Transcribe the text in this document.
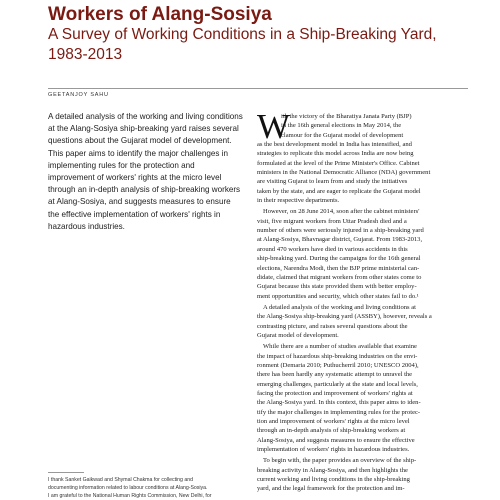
Workers of Alang-Sosiya
A Survey of Working Conditions in a Ship-Breaking Yard, 1983-2013
GEETANJOY SAHU
A detailed analysis of the working and living conditions
at the Alang-Sosiya ship-breaking yard raises several
questions about the Gujarat model of development.
This paper aims to identify the major challenges in
implementing rules for the protection and
improvement of workers' rights at the micro level
through an in-depth analysis of ship-breaking workers
at Alang-Sosiya, and suggests measures to ensure
the effective implementation of workers' rights in
hazardous industries.
W
ith the victory of the Bharatiya Janata Party (BJP)
in the 16th general elections in May 2014, the
clamour for the Gujarat model of development
as the best development model in India has intensified, and
strategies to replicate this model across India are now being
formulated at the level of the Prime Minister's Office. Cabinet
ministers in the National Democratic Alliance (NDA) government
are visiting Gujarat to learn from and study the initiatives
taken by the state, and are eager to replicate the Gujarat model
in their respective departments.
However, on 28 June 2014, soon after the cabinet ministers'
visit, five migrant workers from Uttar Pradesh died and a
number of others were seriously injured in a ship-breaking yard
at Alang-Sosiya, Bhavnagar district, Gujarat. From 1983-2013,
around 470 workers have died in various accidents in this
ship-breaking yard. During the campaigns for the 16th general
elections, Narendra Modi, then the BJP prime ministerial can-
didate, claimed that migrant workers from other states come to
Gujarat because this state provided them with better employ-
ment opportunities and security, which other states fail to do.¹
A detailed analysis of the working and living conditions at
the Alang-Sosiya ship-breaking yard (ASSBY), however, reveals a
contrasting picture, and raises several questions about the
Gujarat model of development.
While there are a number of studies available that examine
the impact of hazardous ship-breaking industries on the envi-
ronment (Demaria 2010; Puthucherril 2010; UNESCO 2004),
there has been hardly any systematic attempt to unravel the
emerging challenges, particularly at the state and local levels,
facing the protection and improvement of workers' rights at
the Alang-Sosiya yard. In this context, this paper aims to iden-
tify the major challenges in implementing rules for the protec-
tion and improvement of workers' rights at the micro level
through an in-depth analysis of ship-breaking workers at
Alang-Sosiya, and suggests measures to ensure the effective
implementation of workers' rights in hazardous industries.
To begin with, the paper provides an overview of the ship-
breaking activity in Alang-Sosiya, and then highlights the
current working and living conditions in the ship-breaking
yard, and the legal framework for the protection and im-
I thank Sanket Gaikwad and Shymal Chakma for collecting and
documenting information related to labour conditions at Alang-Sosiya.
I am grateful to the National Human Rights Commission, New Delhi, for
